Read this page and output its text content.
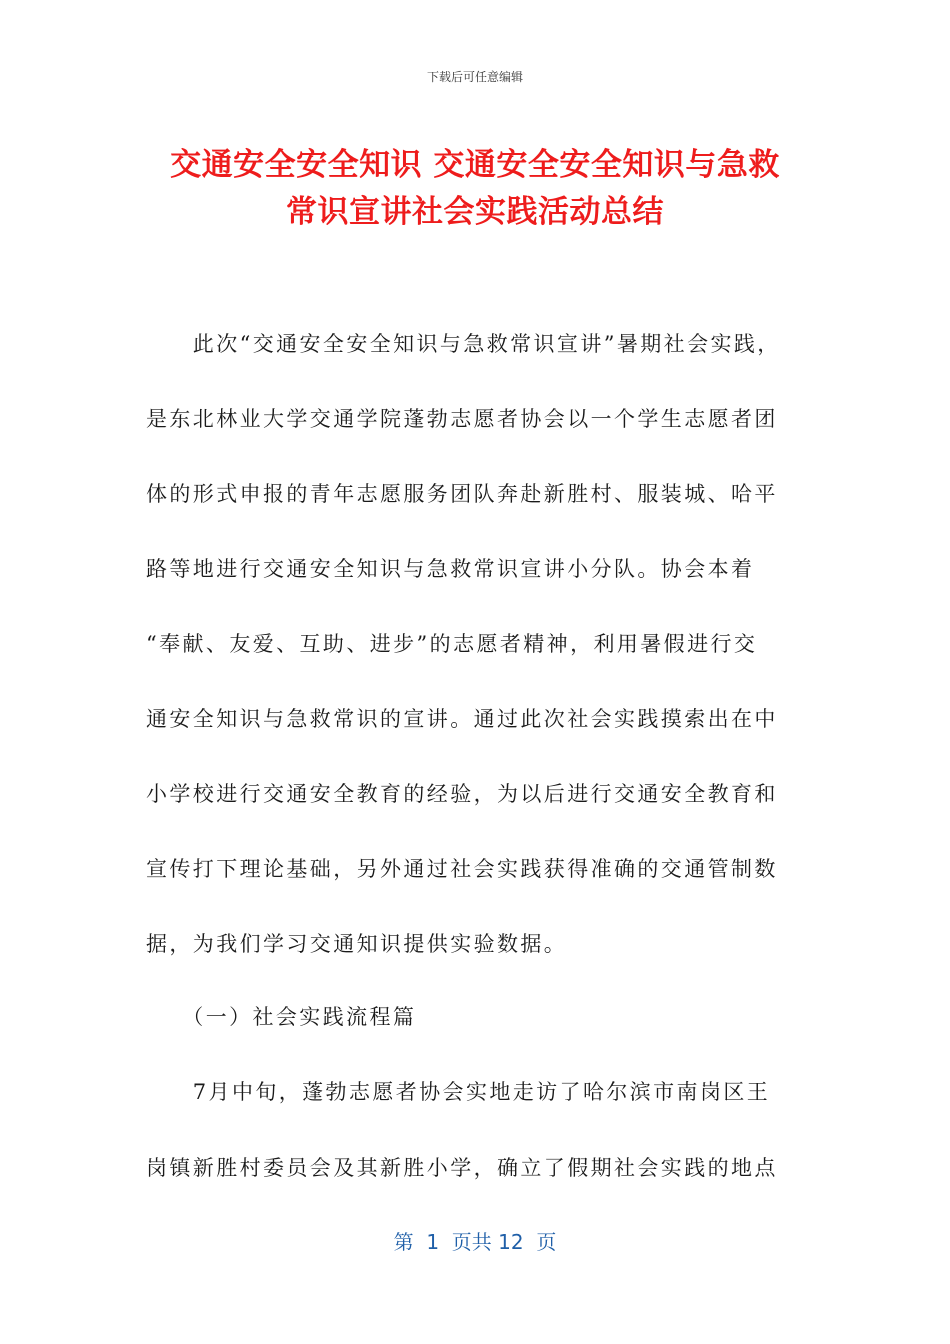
下载后可任意编辑
交通安全安全知识 交通安全安全知识与急救
常识宣讲社会实践活动总结
　　此次“交通安全安全知识与急救常识宣讲”暑期社会实践，
是东北林业大学交通学院蓬勃志愿者协会以一个学生志愿者团
体的形式申报的青年志愿服务团队奔赴新胜村、服装城、哈平
路等地进行交通安全知识与急救常识宣讲小分队。协会本着
“奉献、友爱、互助、进步”的志愿者精神，利用暑假进行交
通安全知识与急救常识的宣讲。通过此次社会实践摸索出在中
小学校进行交通安全教育的经验，为以后进行交通安全教育和
宣传打下理论基础，另外通过社会实践获得准确的交通管制数
据，为我们学习交通知识提供实验数据。
　　（一）社会实践流程篇
　　7月中旬，蓬勃志愿者协会实地走访了哈尔滨市南岗区王
岗镇新胜村委员会及其新胜小学，确立了假期社会实践的地点
第  1  页共 12  页
